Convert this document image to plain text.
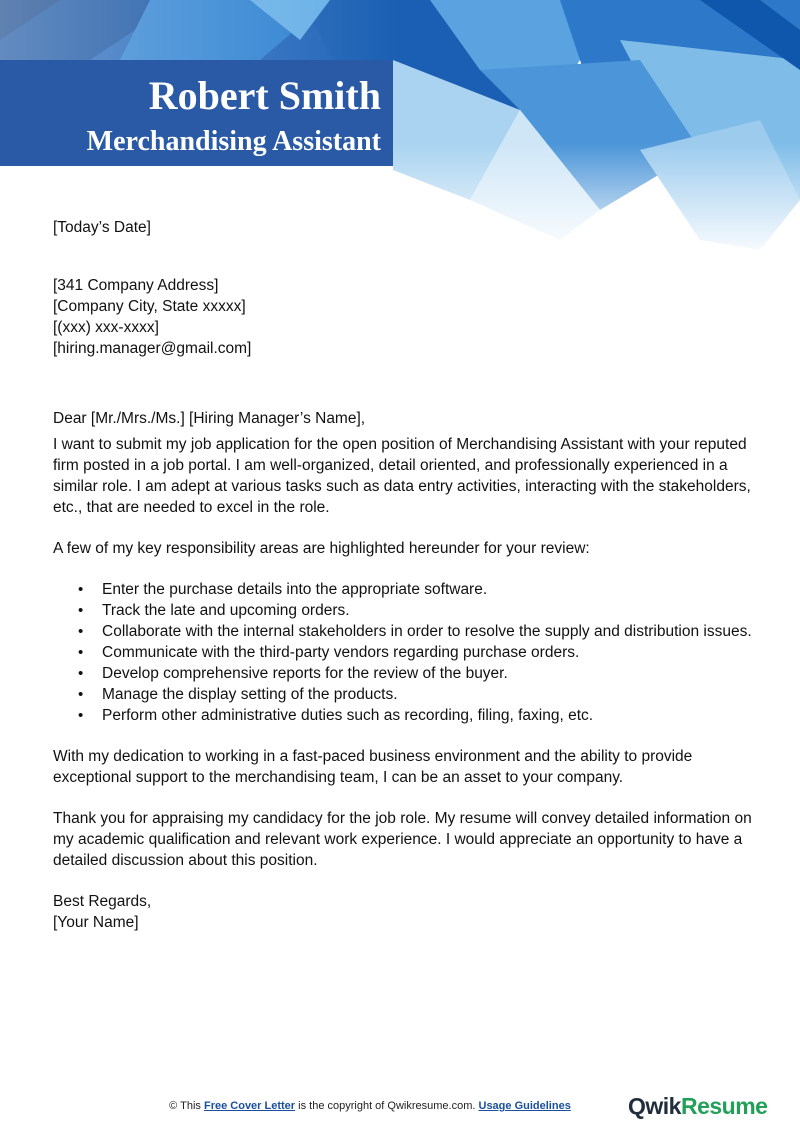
Robert Smith
Merchandising Assistant

[Today’s Date]

[341 Company Address]

[Company City, State xxxxx]

[(xxx) xxx-xxxx]

[hiring.manager@gmail.com]

Dear [Mr./Mrs./Ms.] [Hiring Manager’s Name],

I want to submit my job application for the open position of Merchandising Assistant with your reputed firm posted in a job portal. I am well-organized, detail oriented, and professionally experienced in a similar role. I am adept at various tasks such as data entry activities, interacting with the stakeholders, etc., that are needed to excel in the role.

A few of my key responsibility areas are highlighted hereunder for your review:

• Enter the purchase details into the appropriate software.
• Track the late and upcoming orders.
• Collaborate with the internal stakeholders in order to resolve the supply and distribution issues.
• Communicate with the third-party vendors regarding purchase orders.
• Develop comprehensive reports for the review of the buyer.
• Manage the display setting of the products.
• Perform other administrative duties such as recording, filing, faxing, etc.

With my dedication to working in a fast-paced business environment and the ability to provide exceptional support to the merchandising team, I can be an asset to your company.

Thank you for appraising my candidacy for the job role. My resume will convey detailed information on my academic qualification and relevant work experience. I would appreciate an opportunity to have a detailed discussion about this position.

Best Regards,

[Your Name]

© This Free Cover Letter is the copyright of Qwikresume.com. Usage Guidelines	QwikResume
